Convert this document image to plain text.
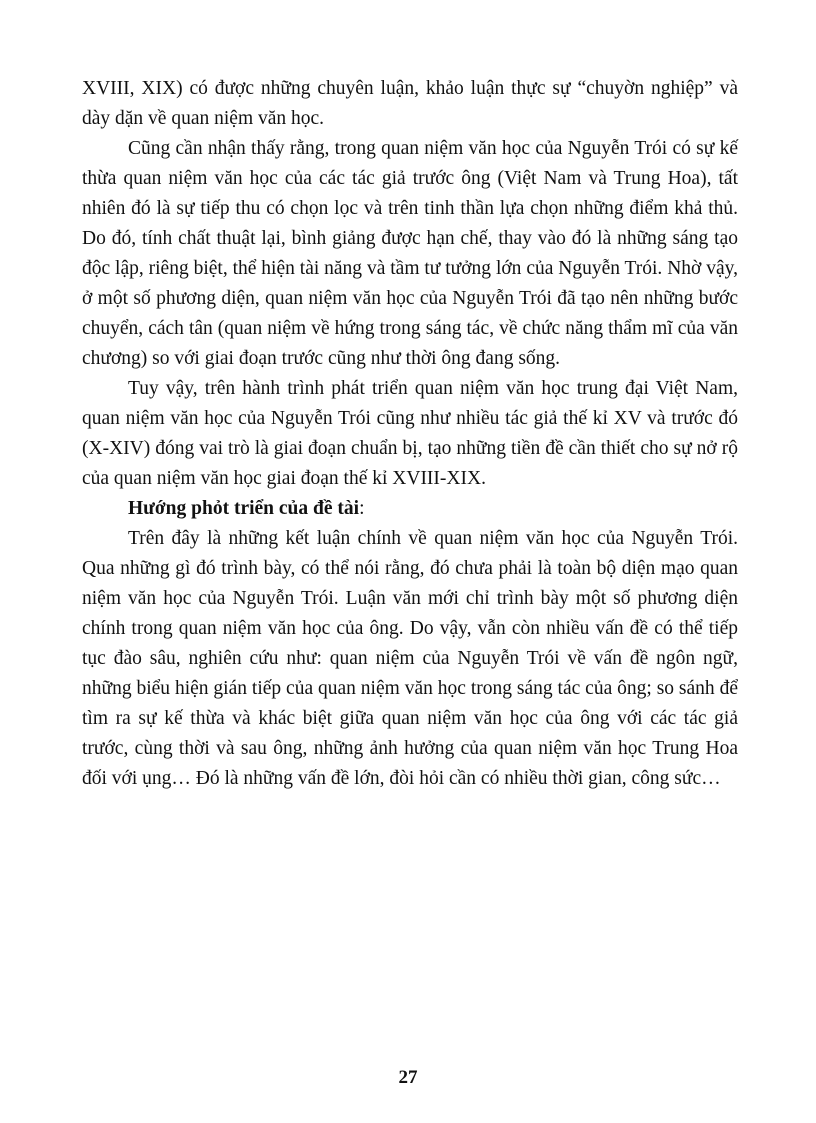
XVIII, XIX) có được những chuyên luận, khảo luận thực sự “chuyờn nghiệp” và dày dặn về quan niệm văn học.

Cũng cần nhận thấy rằng, trong quan niệm văn học của Nguyễn Trói có sự kế thừa quan niệm văn học của các tác giả trước ông (Việt Nam và Trung Hoa), tất nhiên đó là sự tiếp thu có chọn lọc và trên tinh thần lựa chọn những điểm khả thủ. Do đó, tính chất thuật lại, bình giảng được hạn chế, thay vào đó là những sáng tạo độc lập, riêng biệt, thể hiện tài năng và tầm tư tưởng lớn của Nguyễn Trói. Nhờ vậy, ở một số phương diện, quan niệm văn học của Nguyễn Trói đã tạo nên những bước chuyển, cách tân (quan niệm về hứng trong sáng tác, về chức năng thẩm mĩ của văn chương) so với giai đoạn trước cũng như thời ông đang sống.

Tuy vậy, trên hành trình phát triển quan niệm văn học trung đại Việt Nam, quan niệm văn học của Nguyễn Trói cũng như nhiều tác giả thế kỉ XV và trước đó (X-XIV) đóng vai trò là giai đoạn chuẩn bị, tạo những tiền đề cần thiết cho sự nở rộ của quan niệm văn học giai đoạn thế kỉ XVIII-XIX.

Hướng phỏt triển của đề tài:

Trên đây là những kết luận chính về quan niệm văn học của Nguyễn Trói. Qua những gì đó trình bày, có thể nói rằng, đó chưa phải là toàn bộ diện mạo quan niệm văn học của Nguyễn Trói. Luận văn mới chỉ trình bày một số phương diện chính trong quan niệm văn học của ông. Do vậy, vẫn còn nhiều vấn đề có thể tiếp tục đào sâu, nghiên cứu như: quan niệm của Nguyễn Trói về vấn đề ngôn ngữ, những biểu hiện gián tiếp của quan niệm văn học trong sáng tác của ông; so sánh để tìm ra sự kế thừa và khác biệt giữa quan niệm văn học của ông với các tác giả trước, cùng thời và sau ông, những ảnh hưởng của quan niệm văn học Trung Hoa đối với ụng… Đó là những vấn đề lớn, đòi hỏi cần có nhiều thời gian, công sức…

27
